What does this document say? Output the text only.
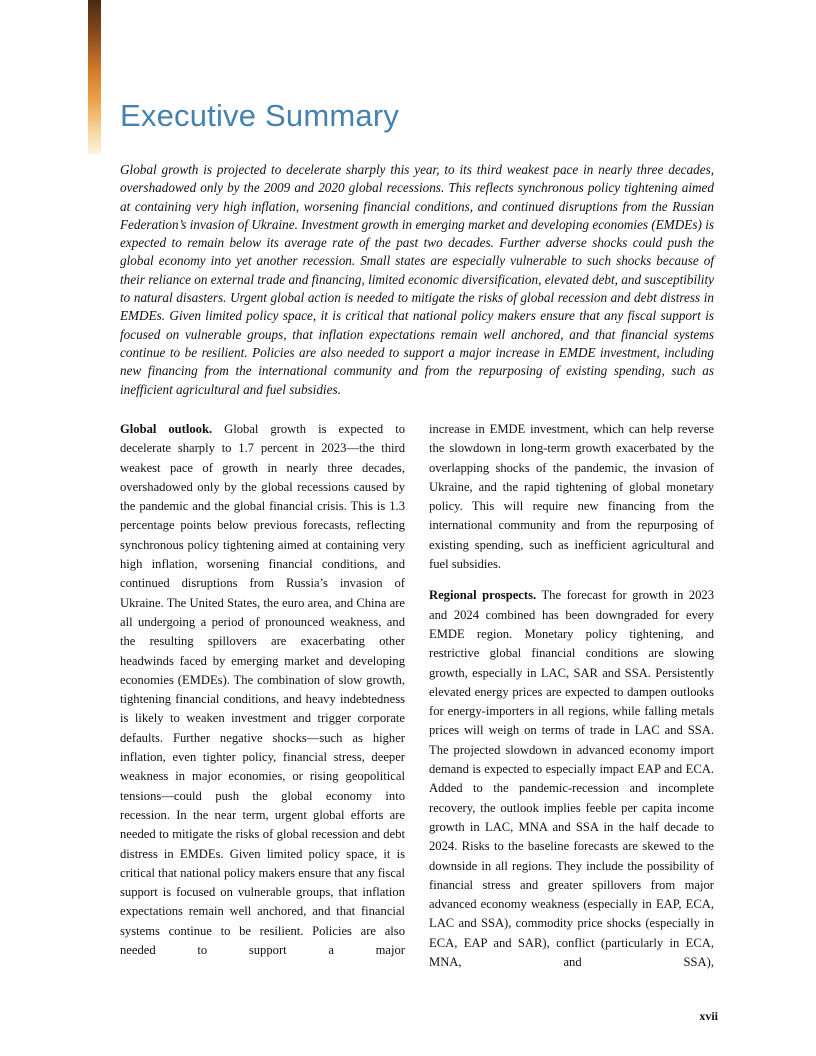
Executive Summary

Global growth is projected to decelerate sharply this year, to its third weakest pace in nearly three decades, overshadowed only by the 2009 and 2020 global recessions. This reflects synchronous policy tightening aimed at containing very high inflation, worsening financial conditions, and continued disruptions from the Russian Federation’s invasion of Ukraine. Investment growth in emerging market and developing economies (EMDEs) is expected to remain below its average rate of the past two decades. Further adverse shocks could push the global economy into yet another recession. Small states are especially vulnerable to such shocks because of their reliance on external trade and financing, limited economic diversification, elevated debt, and susceptibility to natural disasters. Urgent global action is needed to mitigate the risks of global recession and debt distress in EMDEs. Given limited policy space, it is critical that national policy makers ensure that any fiscal support is focused on vulnerable groups, that inflation expectations remain well anchored, and that financial systems continue to be resilient. Policies are also needed to support a major increase in EMDE investment, including new financing from the international community and from the repurposing of existing spending, such as inefficient agricultural and fuel subsidies.

Global outlook. Global growth is expected to decelerate sharply to 1.7 percent in 2023—the third weakest pace of growth in nearly three decades, overshadowed only by the global recessions caused by the pandemic and the global financial crisis. This is 1.3 percentage points below previous forecasts, reflecting synchronous policy tightening aimed at containing very high inflation, worsening financial conditions, and continued disruptions from Russia’s invasion of Ukraine. The United States, the euro area, and China are all undergoing a period of pronounced weakness, and the resulting spillovers are exacerbating other headwinds faced by emerging market and developing economies (EMDEs). The combination of slow growth, tightening financial conditions, and heavy indebtedness is likely to weaken investment and trigger corporate defaults. Further negative shocks—such as higher inflation, even tighter policy, financial stress, deeper weakness in major economies, or rising geopolitical tensions—could push the global economy into recession. In the near term, urgent global efforts are needed to mitigate the risks of global recession and debt distress in EMDEs. Given limited policy space, it is critical that national policy makers ensure that any fiscal support is focused on vulnerable groups, that inflation expectations remain well anchored, and that financial systems continue to be resilient. Policies are also needed to support a major

increase in EMDE investment, which can help reverse the slowdown in long-term growth exacerbated by the overlapping shocks of the pandemic, the invasion of Ukraine, and the rapid tightening of global monetary policy. This will require new financing from the international community and from the repurposing of existing spending, such as inefficient agricultural and fuel subsidies.

Regional prospects. The forecast for growth in 2023 and 2024 combined has been downgraded for every EMDE region. Monetary policy tightening, and restrictive global financial conditions are slowing growth, especially in LAC, SAR and SSA. Persistently elevated energy prices are expected to dampen outlooks for energy-importers in all regions, while falling metals prices will weigh on terms of trade in LAC and SSA. The projected slowdown in advanced economy import demand is expected to especially impact EAP and ECA. Added to the pandemic-recession and incomplete recovery, the outlook implies feeble per capita income growth in LAC, MNA and SSA in the half decade to 2024. Risks to the baseline forecasts are skewed to the downside in all regions. They include the possibility of financial stress and greater spillovers from major advanced economy weakness (especially in EAP, ECA, LAC and SSA), commodity price shocks (especially in ECA, EAP and SAR), conflict (particularly in ECA, MNA, and SSA),

xvii
